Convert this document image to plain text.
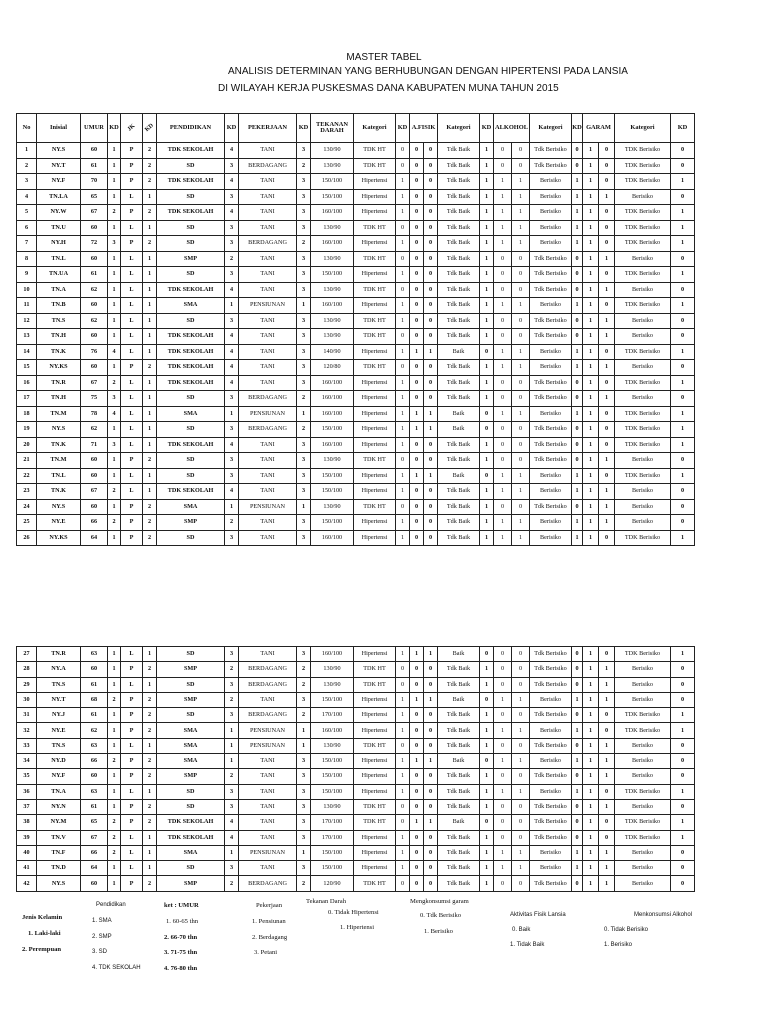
MASTER TABEL
ANALISIS DETERMINAN YANG BERHUBUNGAN DENGAN HIPERTENSI PADA LANSIA
DI WILAYAH KERJA PUSKESMAS DANA KABUPATEN MUNA TAHUN 2015
No	Inisial	UMUR	KD	JK	KD	PENDIDIKAN	KD	PEKERJAAN	KD	TEKANAN DARAH	Kategori	KD	A.FISIK		Kategori	KD	ALKOHOL		Kategori	KD	GARAM		Kategori	KD
1	NY.S	60	1	P	2	TDK SEKOLAH	4	TANI	3	130/90	TDK HT	0	0	0	Tdk Baik	1	0	0	Tdk Berisiko	0	1	0	TDK Berisiko	0
2	NY.T	61	1	P	2	SD	3	BERDAGANG	2	130/90	TDK HT	0	0	0	Tdk Baik	1	0	0	Tdk Berisiko	0	1	0	TDK Berisiko	0
3	NY.F	70	1	P	2	TDK SEKOLAH	4	TANI	3	150/100	Hipertensi	1	0	0	Tdk Baik	1	1	1	Berisiko	1	1	0	TDK Berisiko	1
4	TN.LA	65	1	L	1	SD	3	TANI	3	150/100	Hipertensi	1	0	0	Tdk Baik	1	1	1	Berisiko	1	1	1	Berisiko	0
5	NY.W	67	2	P	2	TDK SEKOLAH	4	TANI	3	160/100	Hipertensi	1	0	0	Tdk Baik	1	1	1	Berisiko	1	1	0	TDK Berisiko	1
6	TN.U	60	1	L	1	SD	3	TANI	3	130/90	TDK HT	0	0	0	Tdk Baik	1	1	1	Berisiko	1	1	0	TDK Berisiko	1
7	NY.H	72	3	P	2	SD	3	BERDAGANG	2	160/100	Hipertensi	1	0	0	Tdk Baik	1	1	1	Berisiko	1	1	0	TDK Berisiko	1
8	TN.L	60	1	L	1	SMP	2	TANI	3	130/90	TDK HT	0	0	0	Tdk Baik	1	0	0	Tdk Berisiko	0	1	1	Berisiko	0
9	TN.UA	61	1	L	1	SD	3	TANI	3	150/100	Hipertensi	1	0	0	Tdk Baik	1	0	0	Tdk Berisiko	0	1	0	TDK Berisiko	1
10	TN.A	62	1	L	1	TDK SEKOLAH	4	TANI	3	130/90	TDK HT	0	0	0	Tdk Baik	1	0	0	Tdk Berisiko	0	1	1	Berisiko	0
11	TN.B	60	1	L	1	SMA	1	PENSIUNAN	1	160/100	Hipertensi	1	0	0	Tdk Baik	1	1	1	Berisiko	1	1	0	TDK Berisiko	1
12	TN.S	62	1	L	1	SD	3	TANI	3	130/90	TDK HT	1	0	0	Tdk Baik	1	0	0	Tdk Berisiko	0	1	1	Berisiko	0
13	TN.H	60	1	L	1	TDK SEKOLAH	4	TANI	3	130/90	TDK HT	0	0	0	Tdk Baik	1	0	0	Tdk Berisiko	0	1	1	Berisiko	0
14	TN.K	76	4	L	1	TDK SEKOLAH	4	TANI	3	140/90	Hipertensi	1	1	1	Baik	0	1	1	Berisiko	1	1	0	TDK Berisiko	1
15	NY.KS	60	1	P	2	TDK SEKOLAH	4	TANI	3	120/80	TDK HT	0	0	0	Tdk Baik	1	1	1	Berisiko	1	1	1	Berisiko	0
16	TN.R	67	2	L	1	TDK SEKOLAH	4	TANI	3	160/100	Hipertensi	1	0	0	Tdk Baik	1	0	0	Tdk Berisiko	0	1	0	TDK Berisiko	1
17	TN.H	75	3	L	1	SD	3	BERDAGANG	2	160/100	Hipertensi	1	0	0	Tdk Baik	1	0	0	Tdk Berisiko	0	1	1	Berisiko	0
18	TN.M	78	4	L	1	SMA	1	PENSIUNAN	1	160/100	Hipertensi	1	1	1	Baik	0	1	1	Berisiko	1	1	0	TDK Berisiko	1
19	NY.S	62	1	L	1	SD	3	BERDAGANG	2	150/100	Hipertensi	1	1	1	Baik	0	0	0	Tdk Berisiko	0	1	0	TDK Berisiko	1
20	TN.K	71	3	L	1	TDK SEKOLAH	4	TANI	3	160/100	Hipertensi	1	0	0	Tdk Baik	1	0	0	Tdk Berisiko	0	1	0	TDK Berisiko	1
21	TN.M	60	1	P	2	SD	3	TANI	3	130/90	TDK HT	0	0	0	Tdk Baik	1	0	0	Tdk Berisiko	0	1	1	Berisiko	0
22	TN.L	60	1	L	1	SD	3	TANI	3	150/100	Hipertensi	1	1	1	Baik	0	1	1	Berisiko	1	1	0	TDK Berisiko	1
23	TN.K	67	2	L	1	TDK SEKOLAH	4	TANI	3	150/100	Hipertensi	1	0	0	Tdk Baik	1	1	1	Berisiko	1	1	1	Berisiko	0
24	NY.S	60	1	P	2	SMA	1	PENSIUNAN	1	130/90	TDK HT	0	0	0	Tdk Baik	1	0	0	Tdk Berisiko	0	1	1	Berisiko	0
25	NY.E	66	2	P	2	SMP	2	TANI	3	150/100	Hipertensi	1	0	0	Tdk Baik	1	1	1	Berisiko	1	1	1	Berisiko	0
26	NY.KS	64	1	P	2	SD	3	TANI	3	160/100	Hipertensi	1	0	0	Tdk Baik	1	1	1	Berisiko	1	1	0	TDK Berisiko	1
27	TN.R	63	1	L	1	SD	3	TANI	3	160/100	Hipertensi	1	1	1	Baik	0	0	0	Tdk Berisiko	0	1	0	TDK Berisiko	1
28	NY.A	60	1	P	2	SMP	2	BERDAGANG	2	130/90	TDK HT	0	0	0	Tdk Baik	1	0	0	Tdk Berisiko	0	1	1	Berisiko	0
29	TN.S	61	1	L	1	SD	3	BERDAGANG	2	130/90	TDK HT	0	0	0	Tdk Baik	1	0	0	Tdk Berisiko	0	1	1	Berisiko	0
30	NY.T	68	2	P	2	SMP	2	TANI	3	150/100	Hipertensi	1	1	1	Baik	0	1	1	Berisiko	1	1	1	Berisiko	0
31	NY.J	61	1	P	2	SD	3	BERDAGANG	2	170/100	Hipertensi	1	0	0	Tdk Baik	1	0	0	Tdk Berisiko	0	1	0	TDK Berisiko	1
32	NY.E	62	1	P	2	SMA	1	PENSIUNAN	1	160/100	Hipertensi	1	0	0	Tdk Baik	1	1	1	Berisiko	1	1	0	TDK Berisiko	1
33	TN.S	63	1	L	1	SMA	1	PENSIUNAN	1	130/90	TDK HT	0	0	0	Tdk Baik	1	0	0	Tdk Berisiko	0	1	1	Berisiko	0
34	NY.D	66	2	P	2	SMA	1	TANI	3	150/100	Hipertensi	1	1	1	Baik	0	1	1	Berisiko	1	1	1	Berisiko	0
35	NY.F	60	1	P	2	SMP	2	TANI	3	150/100	Hipertensi	1	0	0	Tdk Baik	1	0	0	Tdk Berisiko	0	1	1	Berisiko	0
36	TN.A	63	1	L	1	SD	3	TANI	3	150/100	Hipertensi	1	0	0	Tdk Baik	1	1	1	Berisiko	1	1	0	TDK Berisiko	1
37	NY.N	61	1	P	2	SD	3	TANI	3	130/90	TDK HT	0	0	0	Tdk Baik	1	0	0	Tdk Berisiko	0	1	1	Berisiko	0
38	NY.M	65	2	P	2	TDK SEKOLAH	4	TANI	3	170/100	TDK HT	0	1	1	Baik	0	0	0	Tdk Berisiko	0	1	0	TDK Berisiko	1
39	TN.V	67	2	L	1	TDK SEKOLAH	4	TANI	3	170/100	Hipertensi	1	0	0	Tdk Baik	1	0	0	Tdk Berisiko	0	1	0	TDK Berisiko	1
40	TN.F	66	2	L	1	SMA	1	PENSIUNAN	1	150/100	Hipertensi	1	0	0	Tdk Baik	1	1	1	Berisiko	1	1	1	Berisiko	0
41	TN.D	64	1	L	1	SD	3	TANI	3	150/100	Hipertensi	1	0	0	Tdk Baik	1	1	1	Berisiko	1	1	1	Berisiko	0
42	NY.S	60	1	P	2	SMP	2	BERDAGANG	2	120/90	TDK HT	0	0	0	Tdk Baik	1	0	0	Tdk Berisiko	0	1	1	Berisiko	0
Jenis Kelamin
1. Laki-laki
2. Perempuan
Pendidikan
1. SMA
2. SMP
3. SD
4. TDK SEKOLAH
ket : UMUR
1. 60-65 thn
2. 66-70 thn
3. 71-75 thn
4. 76-80 thn
Pekerjaan
1. Pensiunan
2. Berdagang
3. Petani
Tekanan Darah
0. Tidak Hipertensi
1. Hipertensi
Mengkonsumsi garam
0. Tdk Berisiko
1. Berisiko
Aktivitas Fisik Lansia
0. Baik
1. Tidak Baik
Menkonsumsi Alkohol
0. Tidak Berisiko
1. Berisiko
